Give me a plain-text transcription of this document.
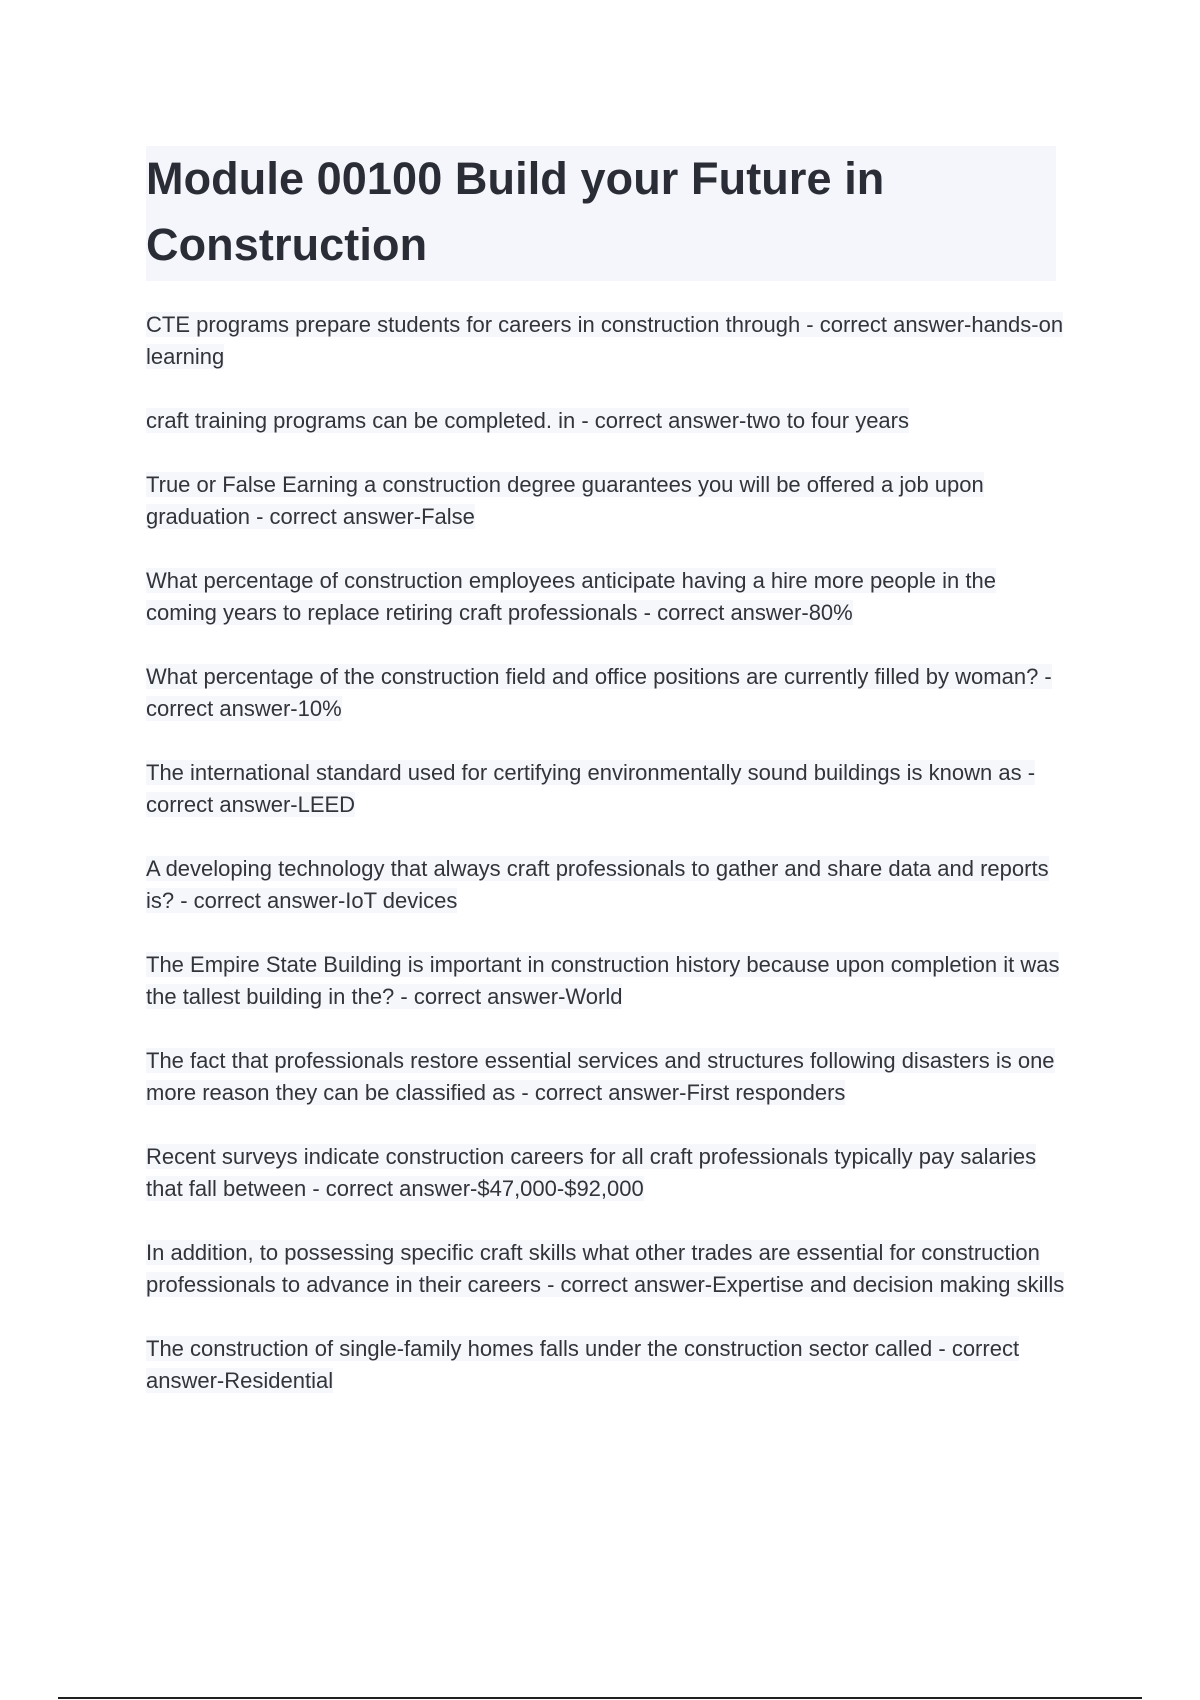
Module 00100 Build your Future in Construction

CTE programs prepare students for careers in construction through - correct answer-hands-on learning

craft training programs can be completed. in - correct answer-two to four years

True or False Earning a construction degree guarantees you will be offered a job upon graduation - correct answer-False

What percentage of construction employees anticipate having a hire more people in the coming years to replace retiring craft professionals - correct answer-80%

What percentage of the construction field and office positions are currently filled by woman? - correct answer-10%

The international standard used for certifying environmentally sound buildings is known as - correct answer-LEED

A developing technology that always craft professionals to gather and share data and reports is? - correct answer-IoT devices

The Empire State Building is important in construction history because upon completion it was the tallest building in the? - correct answer-World

The fact that professionals restore essential services and structures following disasters is one more reason they can be classified as - correct answer-First responders

Recent surveys indicate construction careers for all craft professionals typically pay salaries that fall between - correct answer-$47,000-$92,000

In addition, to possessing specific craft skills what other trades are essential for construction professionals to advance in their careers - correct answer-Expertise and decision making skills

The construction of single-family homes falls under the construction sector called - correct answer-Residential
